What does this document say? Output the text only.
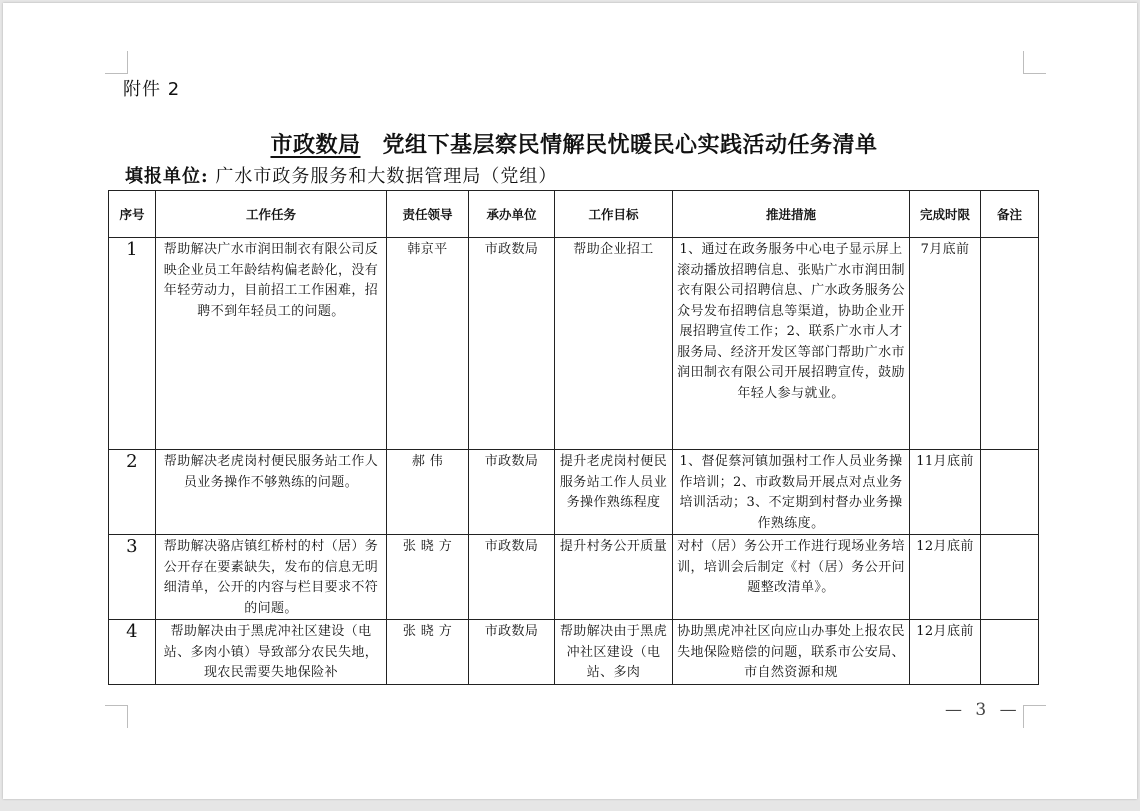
附件 2
市政数局 党组下基层察民情解民忧暖民心实践活动任务清单
填报单位: 广水市政务服务和大数据管理局（党组）
序号	工作任务	责任领导	承办单位	工作目标	推进措施	完成时限	备注
1	帮助解决广水市润田制衣有限公司反映企业员工年龄结构偏老龄化，没有年轻劳动力，目前招工工作困难，招聘不到年轻员工的问题。	韩京平	市政数局	帮助企业招工	1、通过在政务服务中心电子显示屏上滚动播放招聘信息、张贴广水市润田制衣有限公司招聘信息、广水政务服务公众号发布招聘信息等渠道，协助企业开展招聘宣传工作；2、联系广水市人才服务局、经济开发区等部门帮助广水市润田制衣有限公司开展招聘宣传，鼓励年轻人参与就业。	7月底前	
2	帮助解决老虎岗村便民服务站工作人员业务操作不够熟练的问题。	郝 伟	市政数局	提升老虎岗村便民服务站工作人员业务操作熟练程度	1、督促蔡河镇加强村工作人员业务操作培训；2、市政数局开展点对点业务培训活动；3、不定期到村督办业务操作熟练度。	11月底前	
3	帮助解决骆店镇红桥村的村（居）务公开存在要素缺失，发布的信息无明细清单，公开的内容与栏目要求不符的问题。	张 晓 方	市政数局	提升村务公开质量	对村（居）务公开工作进行现场业务培训，培训会后制定《村（居）务公开问题整改清单》。	12月底前	
4	帮助解决由于黑虎冲社区建设（电站、多肉小镇）导致部分农民失地，现农民需要失地保险补	张 晓 方	市政数局	帮助解决由于黑虎冲社区建设（电站、多肉	协助黑虎冲社区向应山办事处上报农民失地保险赔偿的问题，联系市公安局、市自然资源和规	12月底前	
— 3 —
